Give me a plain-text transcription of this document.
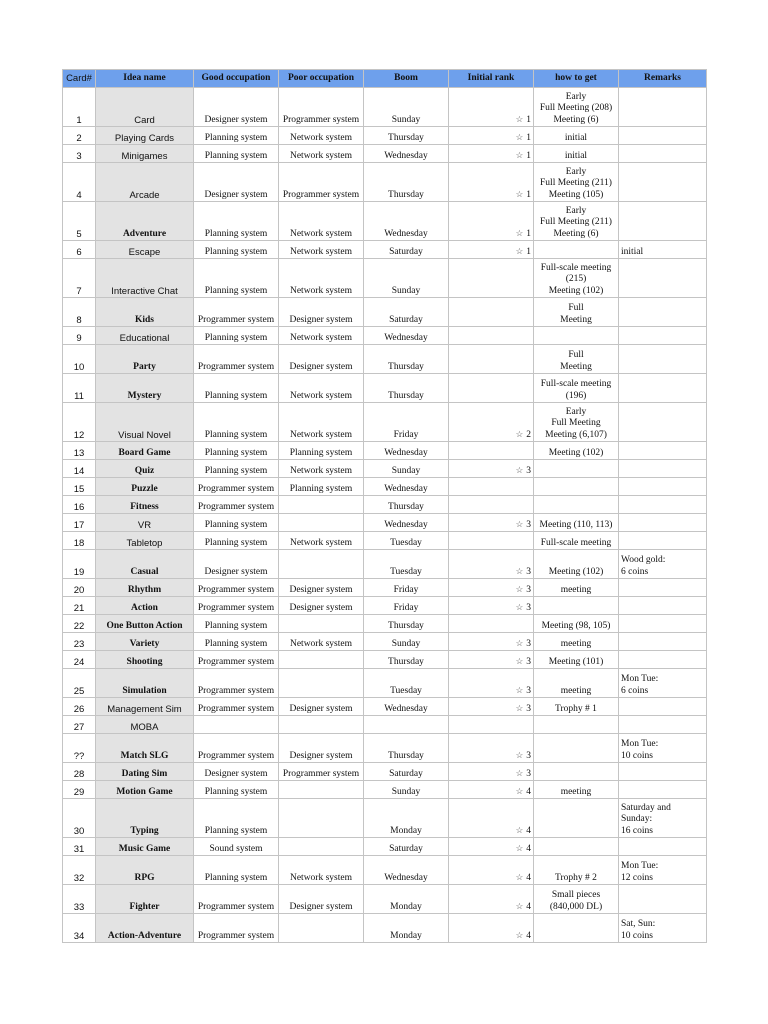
Card#	Idea name	Good occupation	Poor occupation	Boom	Initial rank	how to get	Remarks
1	Card	Designer system	Programmer system	Sunday	☆ 1	Early
Full Meeting (208)
Meeting (6)	
2	Playing Cards	Planning system	Network system	Thursday	☆ 1	initial	
3	Minigames	Planning system	Network system	Wednesday	☆ 1	initial	
4	Arcade	Designer system	Programmer system	Thursday	☆ 1	Early
Full Meeting (211)
Meeting (105)	
5	Adventure	Planning system	Network system	Wednesday	☆ 1	Early
Full Meeting (211)
Meeting (6)	
6	Escape	Planning system	Network system	Saturday	☆ 1		initial
7	Interactive Chat	Planning system	Network system	Sunday		Full-scale meeting
(215)
Meeting (102)	
8	Kids	Programmer system	Designer system	Saturday		Full
Meeting	
9	Educational	Planning system	Network system	Wednesday			
10	Party	Programmer system	Designer system	Thursday		Full
Meeting	
11	Mystery	Planning system	Network system	Thursday		Full-scale meeting
(196)	
12	Visual Novel	Planning system	Network system	Friday	☆ 2	Early
Full Meeting
Meeting (6,107)	
13	Board Game	Planning system	Planning system	Wednesday		Meeting (102)	
14	Quiz	Planning system	Network system	Sunday	☆ 3		
15	Puzzle	Programmer system	Planning system	Wednesday			
16	Fitness	Programmer system		Thursday			
17	VR	Planning system		Wednesday	☆ 3	Meeting (110, 113)	
18	Tabletop	Planning system	Network system	Tuesday		Full-scale meeting	
19	Casual	Designer system		Tuesday	☆ 3	Meeting (102)	Wood gold:
6 coins
20	Rhythm	Programmer system	Designer system	Friday	☆ 3	meeting	
21	Action	Programmer system	Designer system	Friday	☆ 3		
22	One Button Action	Planning system		Thursday		Meeting (98, 105)	
23	Variety	Planning system	Network system	Sunday	☆ 3	meeting	
24	Shooting	Programmer system		Thursday	☆ 3	Meeting (101)	
25	Simulation	Programmer system		Tuesday	☆ 3	meeting	Mon Tue:
6 coins
26	Management Sim	Programmer system	Designer system	Wednesday	☆ 3	Trophy # 1	
27	MOBA						
??	Match SLG	Programmer system	Designer system	Thursday	☆ 3		Mon Tue:
10 coins
28	Dating Sim	Designer system	Programmer system	Saturday	☆ 3		
29	Motion Game	Planning system		Sunday	☆ 4	meeting	
30	Typing	Planning system		Monday	☆ 4		Saturday and
Sunday:
16 coins
31	Music Game	Sound system		Saturday	☆ 4		
32	RPG	Planning system	Network system	Wednesday	☆ 4	Trophy # 2	Mon Tue:
12 coins
33	Fighter	Programmer system	Designer system	Monday	☆ 4	Small pieces
(840,000 DL)	
34	Action-Adventure	Programmer system		Monday	☆ 4		Sat, Sun:
10 coins
